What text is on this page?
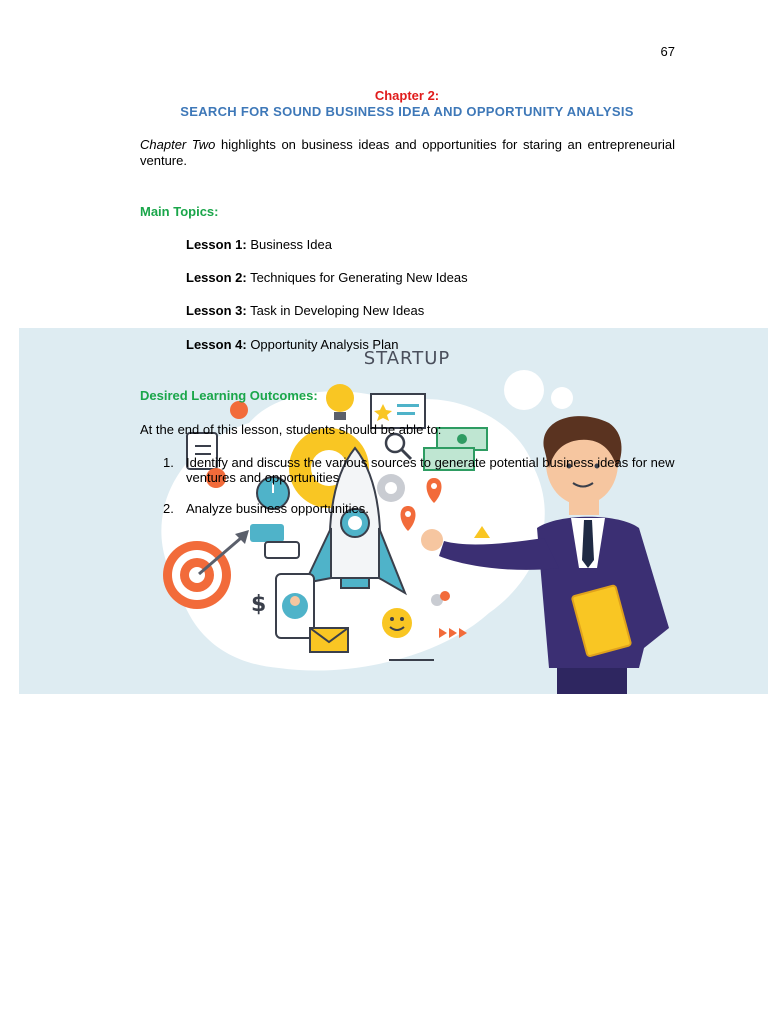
67
Chapter 2:
SEARCH FOR SOUND BUSINESS IDEA AND OPPORTUNITY ANALYSIS
Chapter Two highlights on business ideas and opportunities for staring an entrepreneurial venture.
Main Topics:
Lesson 1: Business Idea
Lesson 2: Techniques for Generating New Ideas
Lesson 3: Task in Developing New Ideas
STARTUP
$
Lesson 4: Opportunity Analysis Plan
Desired Learning Outcomes:
At the end of this lesson, students should be able to:
1. Identify and discuss the various sources to generate potential business ideas for new ventures and opportunities
2. Analyze business opportunities.
